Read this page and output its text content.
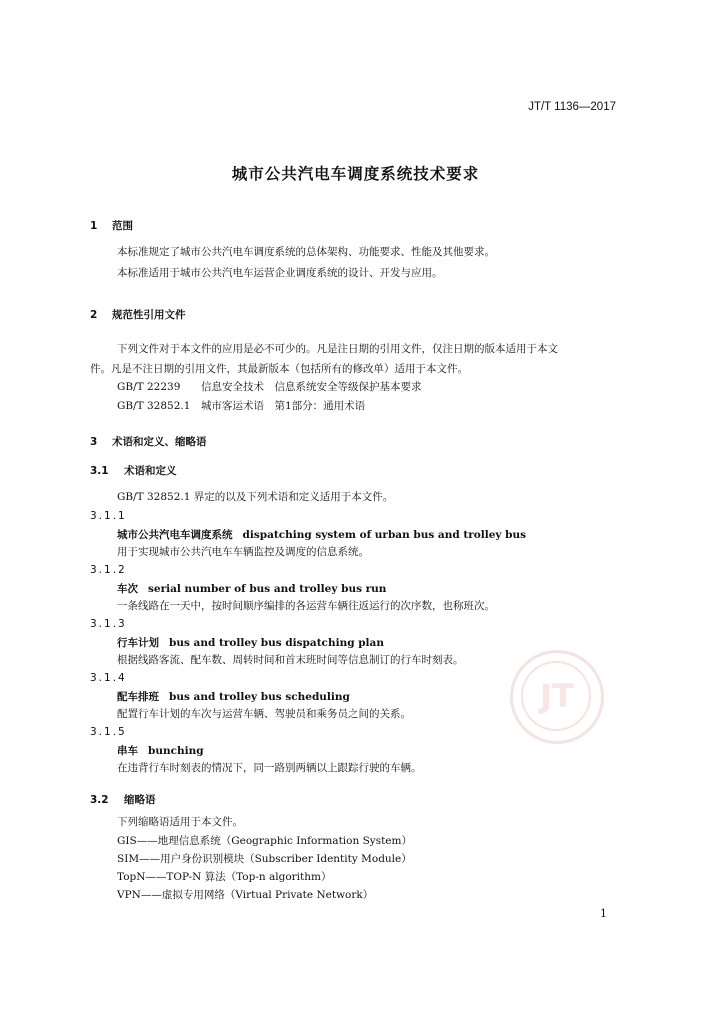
JT/T 1136—2017
城市公共汽电车调度系统技术要求
1 范围
本标准规定了城市公共汽电车调度系统的总体架构、功能要求、性能及其他要求。
本标准适用于城市公共汽电车运营企业调度系统的设计、开发与应用。
2 规范性引用文件
下列文件对于本文件的应用是必不可少的。凡是注日期的引用文件，仅注日期的版本适用于本文
件。凡是不注日期的引用文件，其最新版本（包括所有的修改单）适用于本文件。
GB/T 22239 信息安全技术　信息系统安全等级保护基本要求
GB/T 32852.1 城市客运术语　第1部分：通用术语
3 术语和定义、缩略语
3.1 术语和定义
GB/T 32852.1 界定的以及下列术语和定义适用于本文件。
3.1.1
城市公共汽电车调度系统 dispatching system of urban bus and trolley bus
用于实现城市公共汽电车车辆监控及调度的信息系统。
3.1.2
车次 serial number of bus and trolley bus run
一条线路在一天中，按时间顺序编排的各运营车辆往返运行的次序数，也称班次。
3.1.3
行车计划 bus and trolley bus dispatching plan
根据线路客流、配车数、周转时间和首末班时间等信息制订的行车时刻表。
3.1.4
配车排班 bus and trolley bus scheduling
配置行车计划的车次与运营车辆、驾驶员和乘务员之间的关系。
3.1.5
串车 bunching
在违背行车时刻表的情况下，同一路别两辆以上跟踪行驶的车辆。
3.2 缩略语
下列缩略语适用于本文件。
GIS——地理信息系统（Geographic Information System）
SIM——用户身份识别模块（Subscriber Identity Module）
TopN——TOP-N 算法（Top-n algorithm）
VPN——虚拟专用网络（Virtual Private Network）
JT
1
